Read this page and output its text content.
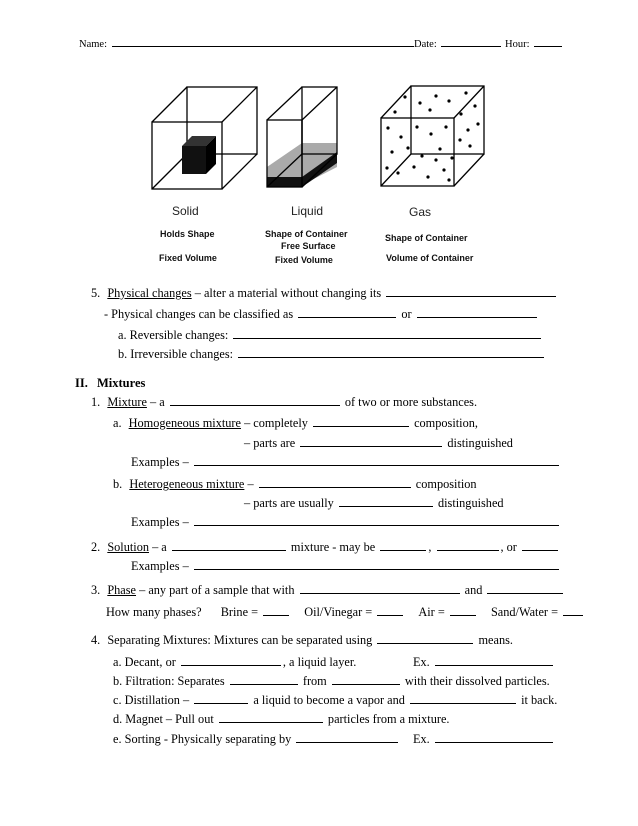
Name:	Date:	Hour:
Solid	Liquid	Gas
Holds Shape
Fixed Volume
Shape of Container
Free Surface
Fixed Volume
Shape of Container
Volume of Container
5. Physical changes – alter a material without changing its
- Physical changes can be classified as	or
a. Reversible changes:
b. Irreversible changes:
II. Mixtures
1. Mixture – a	of two or more substances.
a. Homogeneous mixture – completely	composition,
– parts are	distinguished
Examples –
b. Heterogeneous mixture –	composition
– parts are usually	distinguished
Examples –
2. Solution – a	mixture - may be	,	, or
Examples –
3. Phase – any part of a sample that with	and
How many phases? Brine =	Oil/Vinegar =	Air =	Sand/Water =
4. Separating Mixtures: Mixtures can be separated using	means.
a. Decant, or	, a liquid layer.	Ex.
b. Filtration: Separates	from	with their dissolved particles.
c. Distillation –	a liquid to become a vapor and	it back.
d. Magnet – Pull out	particles from a mixture.
e. Sorting - Physically separating by	Ex.
